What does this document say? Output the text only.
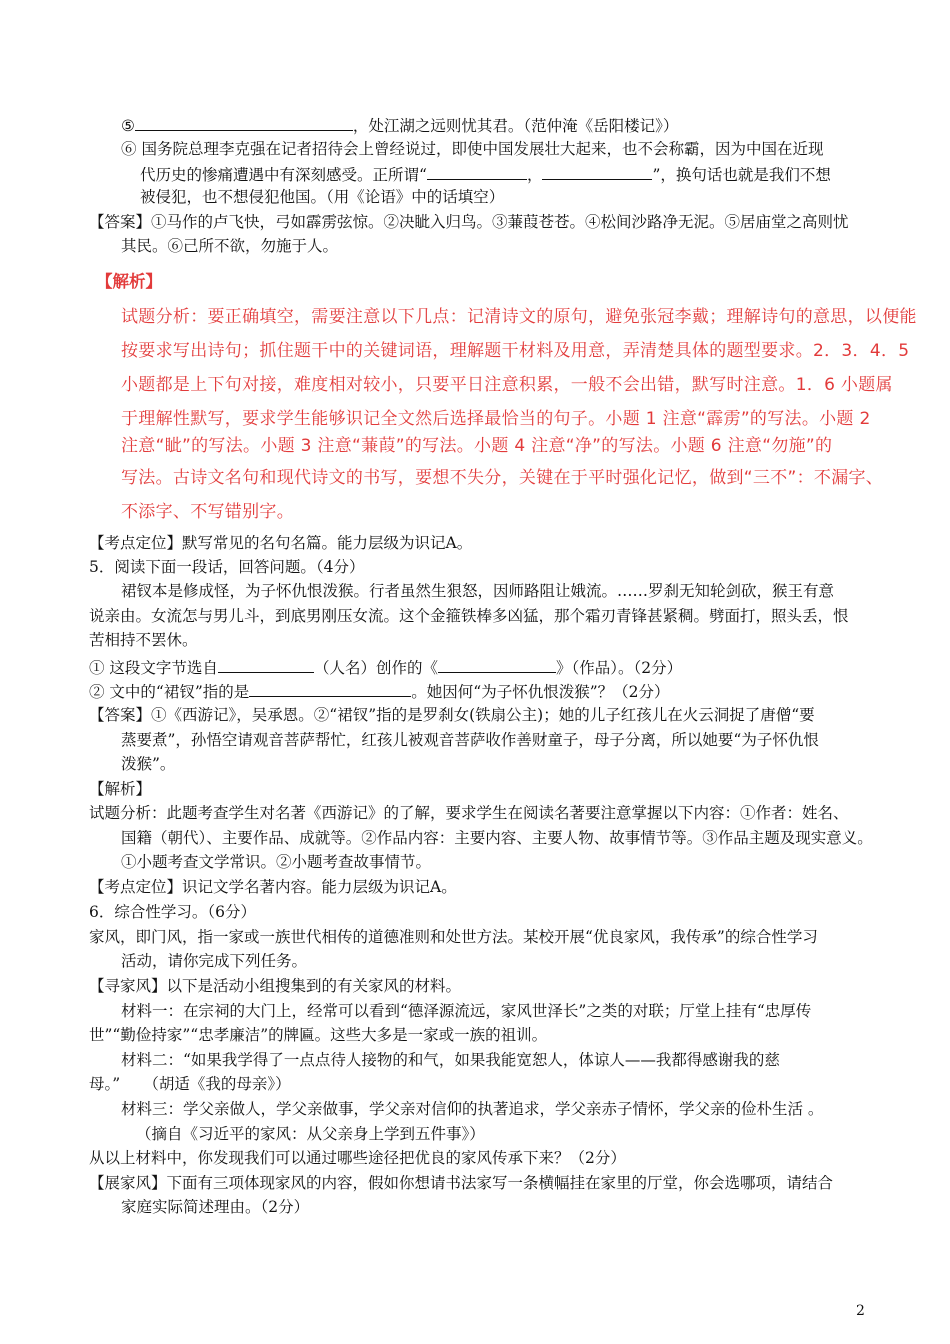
⑤	，处江湖之远则忧其君。（范仲淹《岳阳楼记》）
⑥ 国务院总理李克强在记者招待会上曾经说过，即使中国发展壮大起来，也不会称霸，因为中国在近现
代历史的惨痛遭遇中有深刻感受。正所谓“	，	”，换句话也就是我们不想
被侵犯，也不想侵犯他国。（用《论语》中的话填空）
【答案】①马作的卢飞快，弓如霹雳弦惊。②决眦入归鸟。③蒹葭苍苍。④松间沙路净无泥。⑤居庙堂之高则忧
其民。⑥己所不欲，勿施于人。
【解析】
试题分析：要正确填空，需要注意以下几点：记清诗文的原句，避免张冠李戴；理解诗句的意思，以便能
按要求写出诗句；抓住题干中的关键词语，理解题干材料及用意，弄清楚具体的题型要求。2．3．4．5
小题都是上下句对接，难度相对较小，只要平日注意积累，一般不会出错，默写时注意。1．6 小题属
于理解性默写，要求学生能够识记全文然后选择最恰当的句子。小题 1 注意“霹雳”的写法。小题 2
注意“眦”的写法。小题 3 注意“蒹葭”的写法。小题 4 注意“净”的写法。小题 6 注意“勿施”的
写法。古诗文名句和现代诗文的书写，要想不失分，关键在于平时强化记忆，做到“三不”：不漏字、
不添字、不写错别字。
【考点定位】默写常见的名句名篇。能力层级为识记A。
5．阅读下面一段话，回答问题。（4分）
裙钗本是修成怪，为子怀仇恨泼猴。行者虽然生狠怒，因师路阻让娥流。……罗刹无知轮剑砍，猴王有意
说亲由。女流怎与男儿斗，到底男刚压女流。这个金箍铁棒多凶猛，那个霜刃青锋甚紧稠。劈面打，照头丢，恨
苦相持不罢休。
① 这段文字节选自	（人名）创作的《	》（作品）。（2分）
② 文中的“裙钗”指的是	。她因何“为子怀仇恨泼猴”？（2分）
【答案】①《西游记》，吴承恩。②“裙钗”指的是罗刹女(铁扇公主)；她的儿子红孩儿在火云洞捉了唐僧“要
蒸要煮”，孙悟空请观音菩萨帮忙，红孩儿被观音菩萨收作善财童子，母子分离，所以她要“为子怀仇恨
泼猴”。
【解析】
试题分析：此题考查学生对名著《西游记》的了解，要求学生在阅读名著要注意掌握以下内容：①作者：姓名、
国籍（朝代）、主要作品、成就等。②作品内容：主要内容、主要人物、故事情节等。③作品主题及现实意义。
①小题考查文学常识。②小题考查故事情节。
【考点定位】识记文学名著内容。能力层级为识记A。
6．综合性学习。（6分）
家风，即门风，指一家或一族世代相传的道德准则和处世方法。某校开展“优良家风，我传承”的综合性学习
活动，请你完成下列任务。
【寻家风】以下是活动小组搜集到的有关家风的材料。
材料一：在宗祠的大门上，经常可以看到“德泽源流远，家风世泽长”之类的对联；厅堂上挂有“忠厚传
世”“勤俭持家”“忠孝廉洁”的牌匾。这些大多是一家或一族的祖训。
材料二：“如果我学得了一点点待人接物的和气，如果我能宽恕人，体谅人——我都得感谢我的慈
母。”　　（胡适《我的母亲》）
材料三：学父亲做人，学父亲做事，学父亲对信仰的执著追求，学父亲赤子情怀，学父亲的俭朴生活 。
（摘自《习近平的家风：从父亲身上学到五件事》）
从以上材料中，你发现我们可以通过哪些途径把优良的家风传承下来？（2分）
【展家风】下面有三项体现家风的内容，假如你想请书法家写一条横幅挂在家里的厅堂，你会选哪项，请结合
家庭实际简述理由。（2分）
2
